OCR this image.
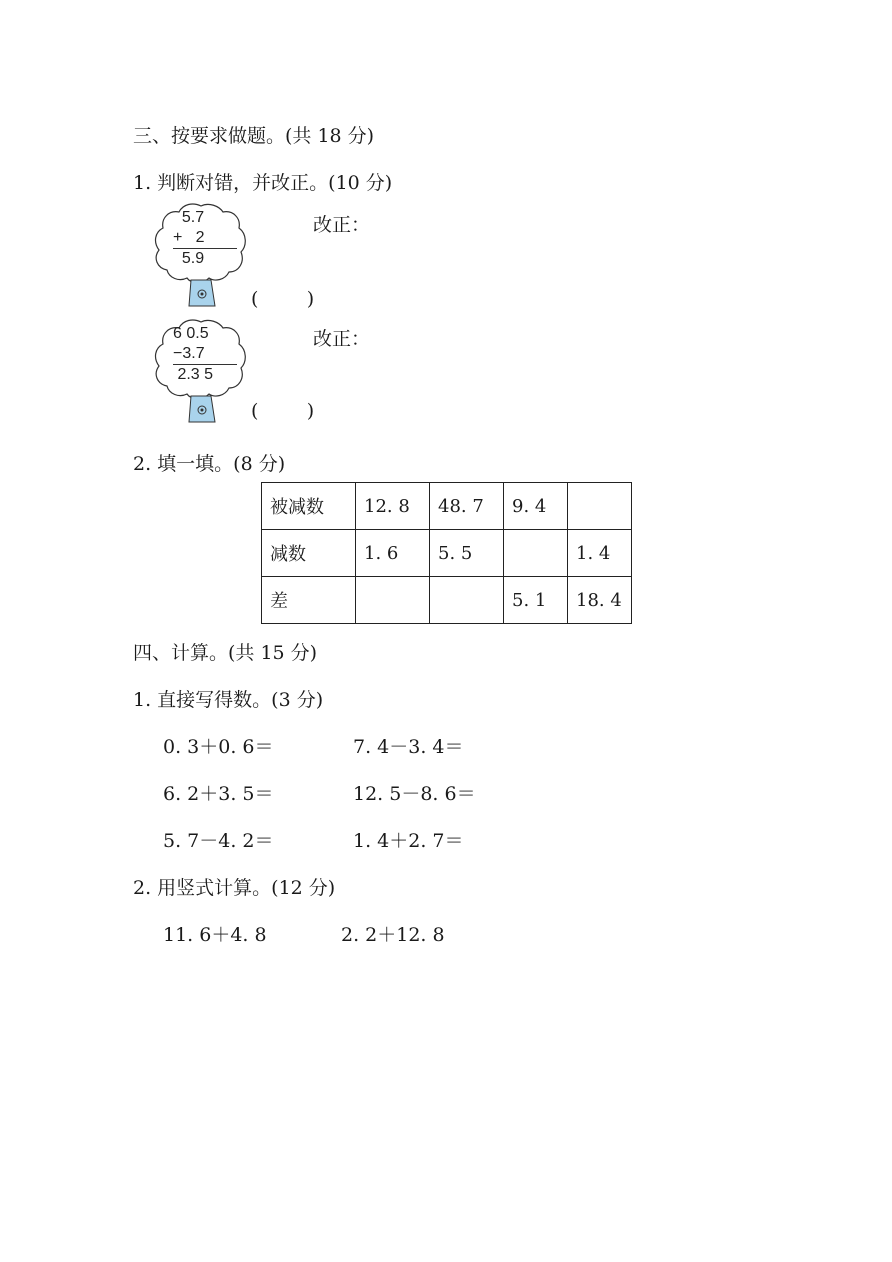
三、按要求做题。(共 18 分)
1. 判断对错，并改正。(10 分)
5.7
+   2
5.9
改正：
(        )
6 0.5
−3.7
2.3 5
改正：
(        )
2. 填一填。(8 分)
被减数	12. 8	48. 7	9. 4	
减数	1. 6	5. 5		1. 4
差			5. 1	18. 4
四、计算。(共 15 分)
1. 直接写得数。(3 分)
0. 3＋0. 6＝	7. 4－3. 4＝
6. 2＋3. 5＝	12. 5－8. 6＝
5. 7－4. 2＝	1. 4＋2. 7＝
2. 用竖式计算。(12 分)
11. 6＋4. 8	2. 2＋12. 8
